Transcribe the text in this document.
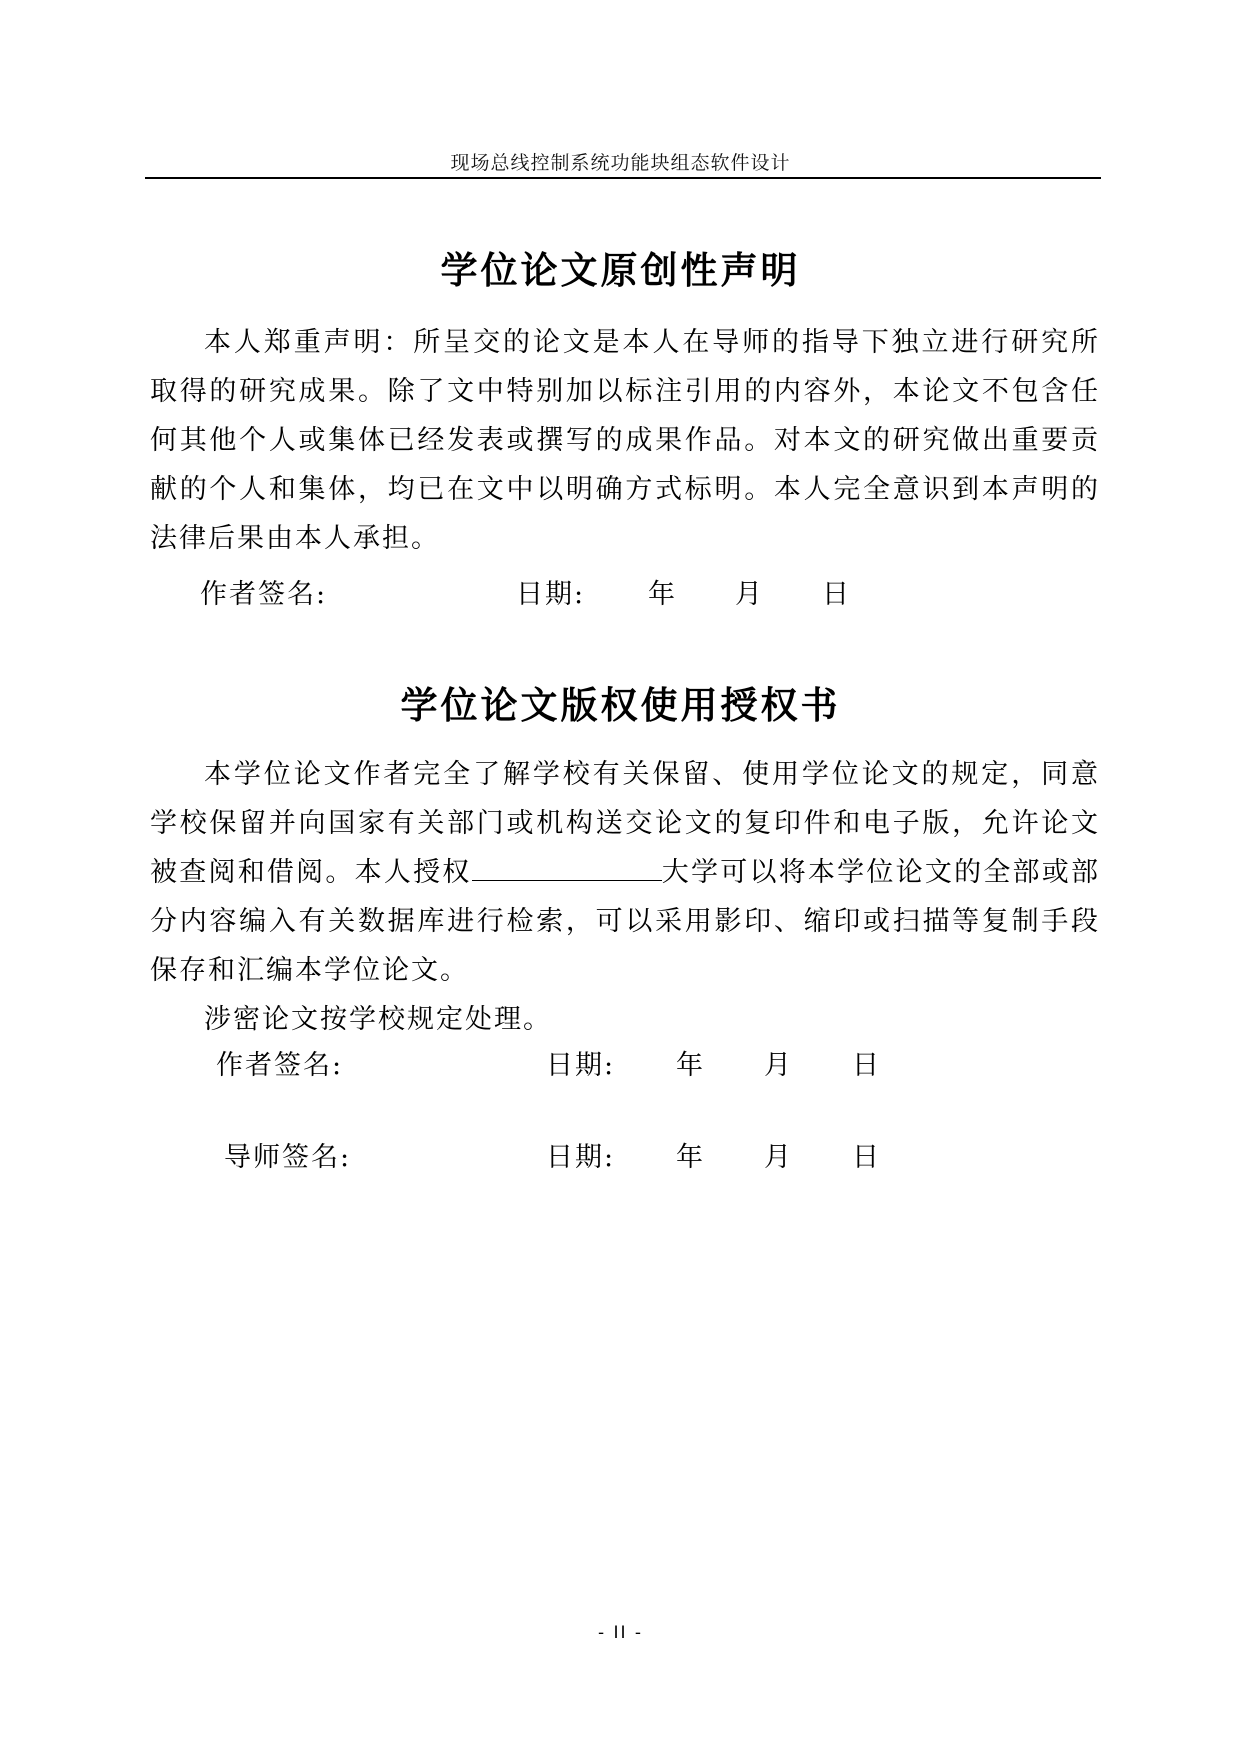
现场总线控制系统功能块组态软件设计
学位论文原创性声明

本人郑重声明：所呈交的论文是本人在导师的指导下独立进行研究所取得的研究成果。除了文中特别加以标注引用的内容外，本论文不包含任何其他个人或集体已经发表或撰写的成果作品。对本文的研究做出重要贡献的个人和集体，均已在文中以明确方式标明。本人完全意识到本声明的法律后果由本人承担。

作者签名:	日期: 年 月 日
学位论文版权使用授权书

本学位论文作者完全了解学校有关保留、使用学位论文的规定，同意学校保留并向国家有关部门或机构送交论文的复印件和电子版，允许论文被查阅和借阅。本人授权	大学可以将本学位论文的全部或部分内容编入有关数据库进行检索，可以采用影印、缩印或扫描等复制手段保存和汇编本学位论文。

涉密论文按学校规定处理。

作者签名:	日期: 年 月 日
导师签名:	日期: 年 月 日
- II -
